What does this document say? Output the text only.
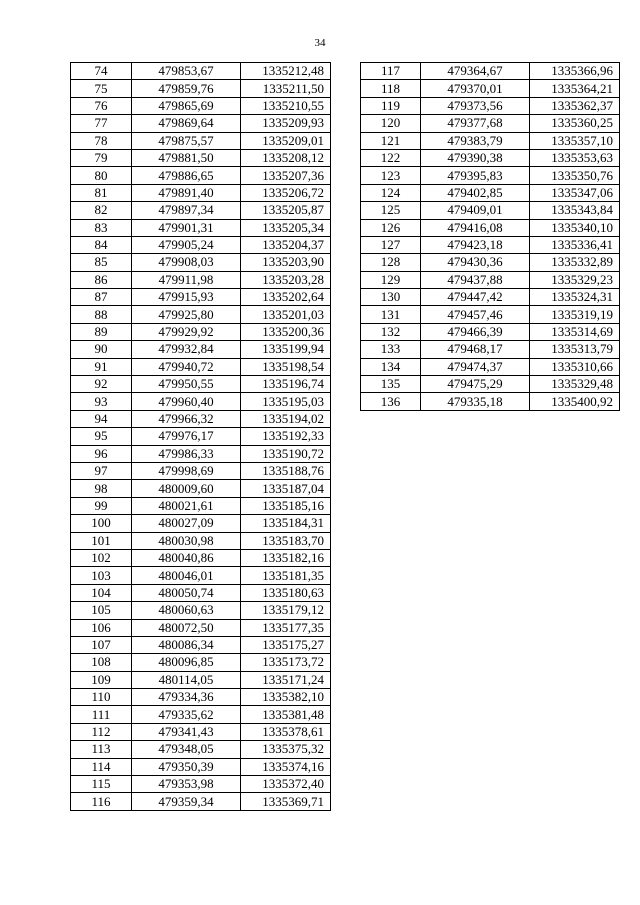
34
74	479853,67	1335212,48
75	479859,76	1335211,50
76	479865,69	1335210,55
77	479869,64	1335209,93
78	479875,57	1335209,01
79	479881,50	1335208,12
80	479886,65	1335207,36
81	479891,40	1335206,72
82	479897,34	1335205,87
83	479901,31	1335205,34
84	479905,24	1335204,37
85	479908,03	1335203,90
86	479911,98	1335203,28
87	479915,93	1335202,64
88	479925,80	1335201,03
89	479929,92	1335200,36
90	479932,84	1335199,94
91	479940,72	1335198,54
92	479950,55	1335196,74
93	479960,40	1335195,03
94	479966,32	1335194,02
95	479976,17	1335192,33
96	479986,33	1335190,72
97	479998,69	1335188,76
98	480009,60	1335187,04
99	480021,61	1335185,16
100	480027,09	1335184,31
101	480030,98	1335183,70
102	480040,86	1335182,16
103	480046,01	1335181,35
104	480050,74	1335180,63
105	480060,63	1335179,12
106	480072,50	1335177,35
107	480086,34	1335175,27
108	480096,85	1335173,72
109	480114,05	1335171,24
110	479334,36	1335382,10
111	479335,62	1335381,48
112	479341,43	1335378,61
113	479348,05	1335375,32
114	479350,39	1335374,16
115	479353,98	1335372,40
116	479359,34	1335369,71
117	479364,67	1335366,96
118	479370,01	1335364,21
119	479373,56	1335362,37
120	479377,68	1335360,25
121	479383,79	1335357,10
122	479390,38	1335353,63
123	479395,83	1335350,76
124	479402,85	1335347,06
125	479409,01	1335343,84
126	479416,08	1335340,10
127	479423,18	1335336,41
128	479430,36	1335332,89
129	479437,88	1335329,23
130	479447,42	1335324,31
131	479457,46	1335319,19
132	479466,39	1335314,69
133	479468,17	1335313,79
134	479474,37	1335310,66
135	479475,29	1335329,48
136	479335,18	1335400,92
